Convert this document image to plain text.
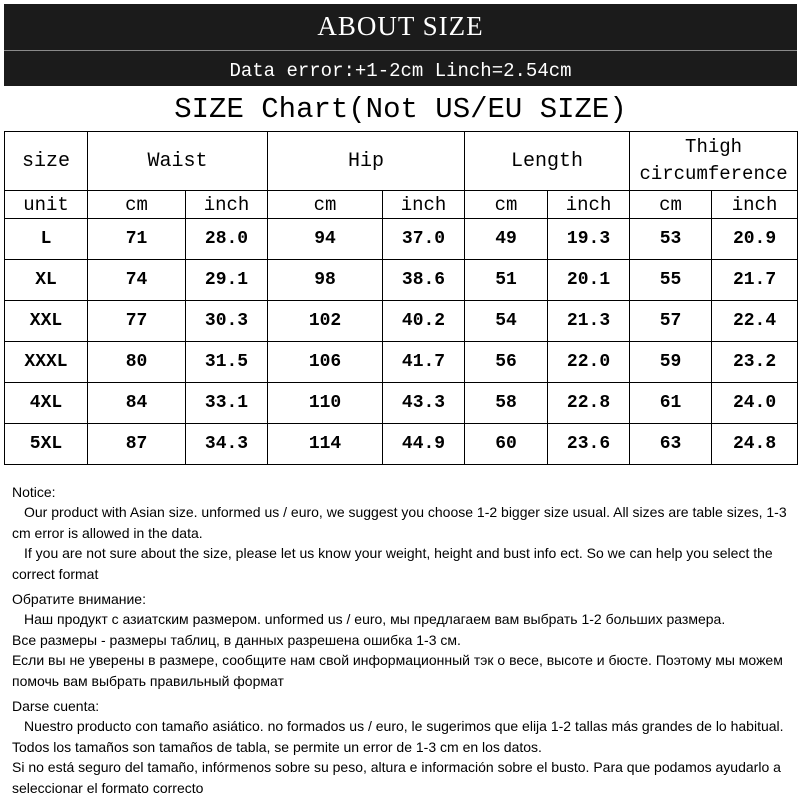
ABOUT SIZE
Data error:+1-2cm Linch=2.54cm
SIZE Chart(Not US/EU SIZE)
size	Waist		Hip		Length		Thigh
circumference	
unit	cm	inch	cm	inch	cm	inch	cm	inch
L	71	28.0	94	37.0	49	19.3	53	20.9
XL	74	29.1	98	38.6	51	20.1	55	21.7
XXL	77	30.3	102	40.2	54	21.3	57	22.4
XXXL	80	31.5	106	41.7	56	22.0	59	23.2
4XL	84	33.1	110	43.3	58	22.8	61	24.0
5XL	87	34.3	114	44.9	60	23.6	63	24.8

Notice:

Our product with Asian size. unformed us / euro, we suggest you choose 1-2 bigger size usual. All sizes are table sizes, 1-3 cm error is allowed in the data.

If you are not sure about the size, please let us know your weight, height and bust info ect. So we can help you select the correct format

Обратите внимание:

Наш продукт с азиатским размером. unformed us / euro, мы предлагаем вам выбрать 1-2 больших размера.

Все размеры - размеры таблиц, в данных разрешена ошибка 1-3 см.

Если вы не уверены в размере, сообщите нам свой информационный тэк о весе, высоте и бюсте. Поэтому мы можем помочь вам выбрать правильный формат

Darse cuenta:

Nuestro producto con tamaño asiático. no formados us / euro, le sugerimos que elija 1-2 tallas más grandes de lo habitual. Todos los tamaños son tamaños de tabla, se permite un error de 1-3 cm en los datos.

Si no está seguro del tamaño, infórmenos sobre su peso, altura e información sobre el busto. Para que podamos ayudarlo a seleccionar el formato correcto
